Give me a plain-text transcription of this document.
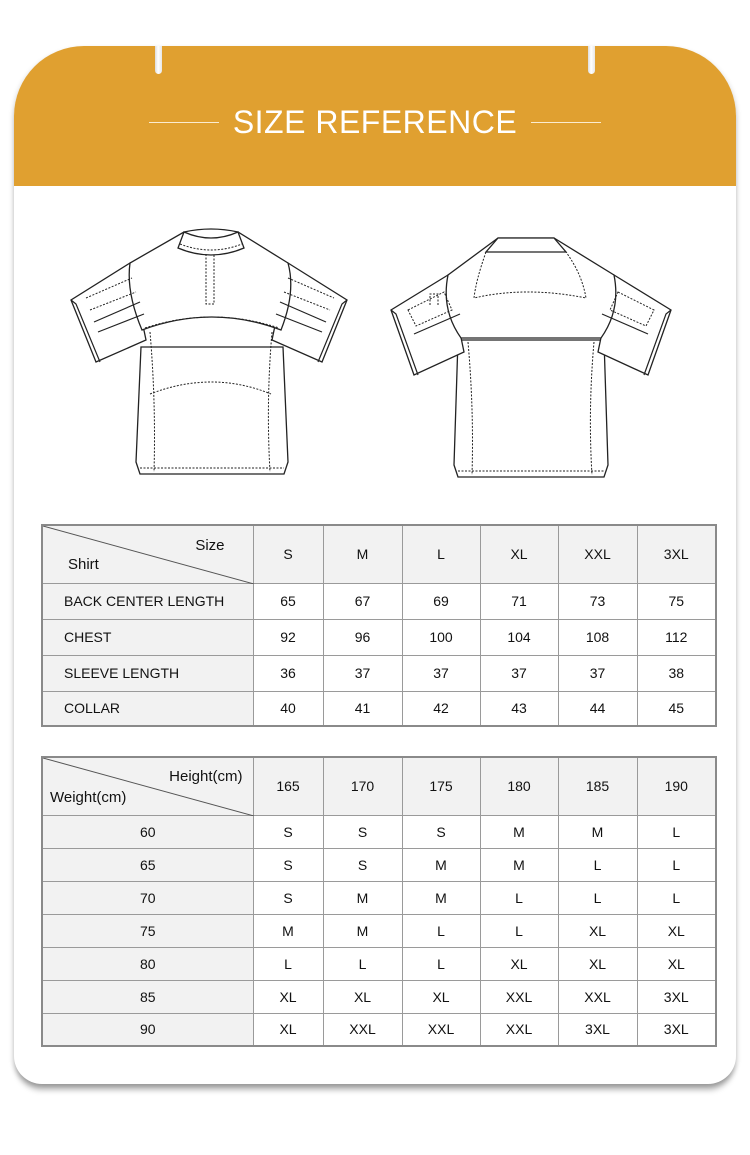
SIZE REFERENCE
Size
Shirt	S	M	L	XL	XXL	3XL
BACK CENTER LENGTH	65	67	69	71	73	75
CHEST	92	96	100	104	108	112
SLEEVE LENGTH	36	37	37	37	37	38
COLLAR	40	41	42	43	44	45
Height(cm)
Weight(cm)	165	170	175	180	185	190
60	S	S	S	M	M	L
65	S	S	M	M	L	L
70	S	M	M	L	L	L
75	M	M	L	L	XL	XL
80	L	L	L	XL	XL	XL
85	XL	XL	XL	XXL	XXL	3XL
90	XL	XXL	XXL	XXL	3XL	3XL
